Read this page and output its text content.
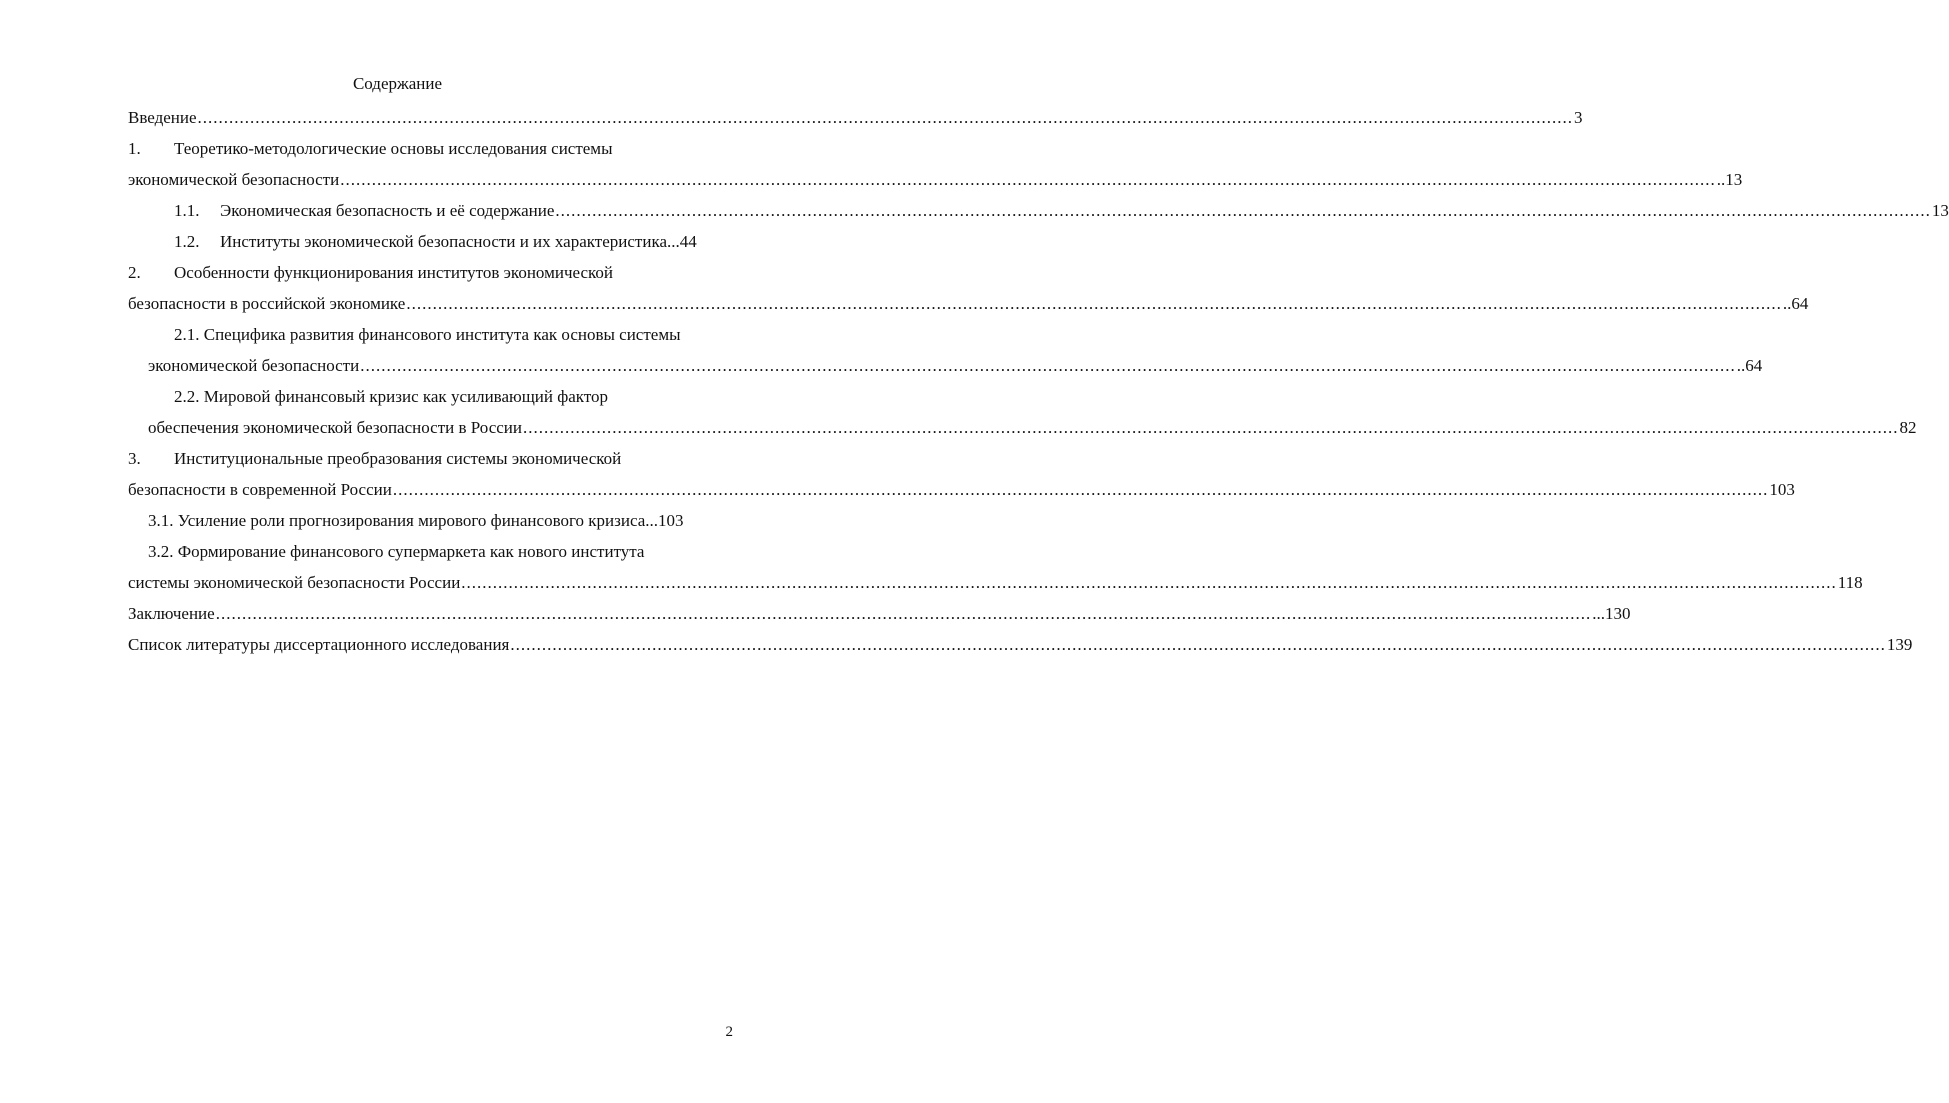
Содержание
Введение .....	3
1.	Теоретико-методологические основы исследования системы
экономической безопасности .....	..13
1.1.	Экономическая безопасность и её содержание .....	13
1.2.	Институты экономической безопасности и их характеристика ...44
2.	Особенности функционирования институтов экономической
безопасности в российской экономике .....	..64
2.1. Специфика развития финансового института как основы системы
экономической безопасности .....	..64
2.2. Мировой финансовый кризис как усиливающий фактор
обеспечения экономической безопасности в России .....	82
3.	Институциональные преобразования системы экономической
безопасности в современной России .....	103
3.1. Усиление роли прогнозирования мирового финансового кризиса ...103
3.2. Формирование финансового супермаркета как нового института
системы экономической безопасности России .....	118
Заключение .....	...130
Список литературы диссертационного исследования .....	139
2
